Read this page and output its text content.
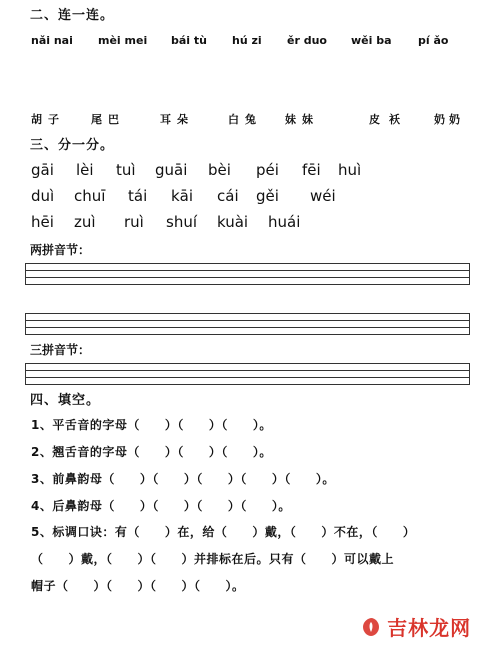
二、连一连。
nǎi nai mèi mei bái tù hú zi ěr duo wěi ba pí ǎo
胡子 尾巴	耳朵	白兔 妹妹	皮袄 奶奶
三、分一分。
gāi lèi tuì guāi bèi péi fēi huì
duì chuī tái kāi cái gěi wéi
hēi zuì ruì shuí kuài huái
两拼音节：
三拼音节：
四、填空。
1、平舌音的字母（　　）（　　）（　　）。
2、翘舌音的字母（　　）（　　）（　　）。
3、前鼻韵母（　　）（　　）（　　）（　　）（　　）。
4、后鼻韵母（　　）（　　）（　　）（　　）。
5、标调口诀：有（　　）在，给（　　）戴，（　　）不在，（　　）
（　　）戴，（　　）（　　）并排标在后。只有（　　）可以戴上
帽子（　　）（　　）（　　）（　　）。
吉林龙网
